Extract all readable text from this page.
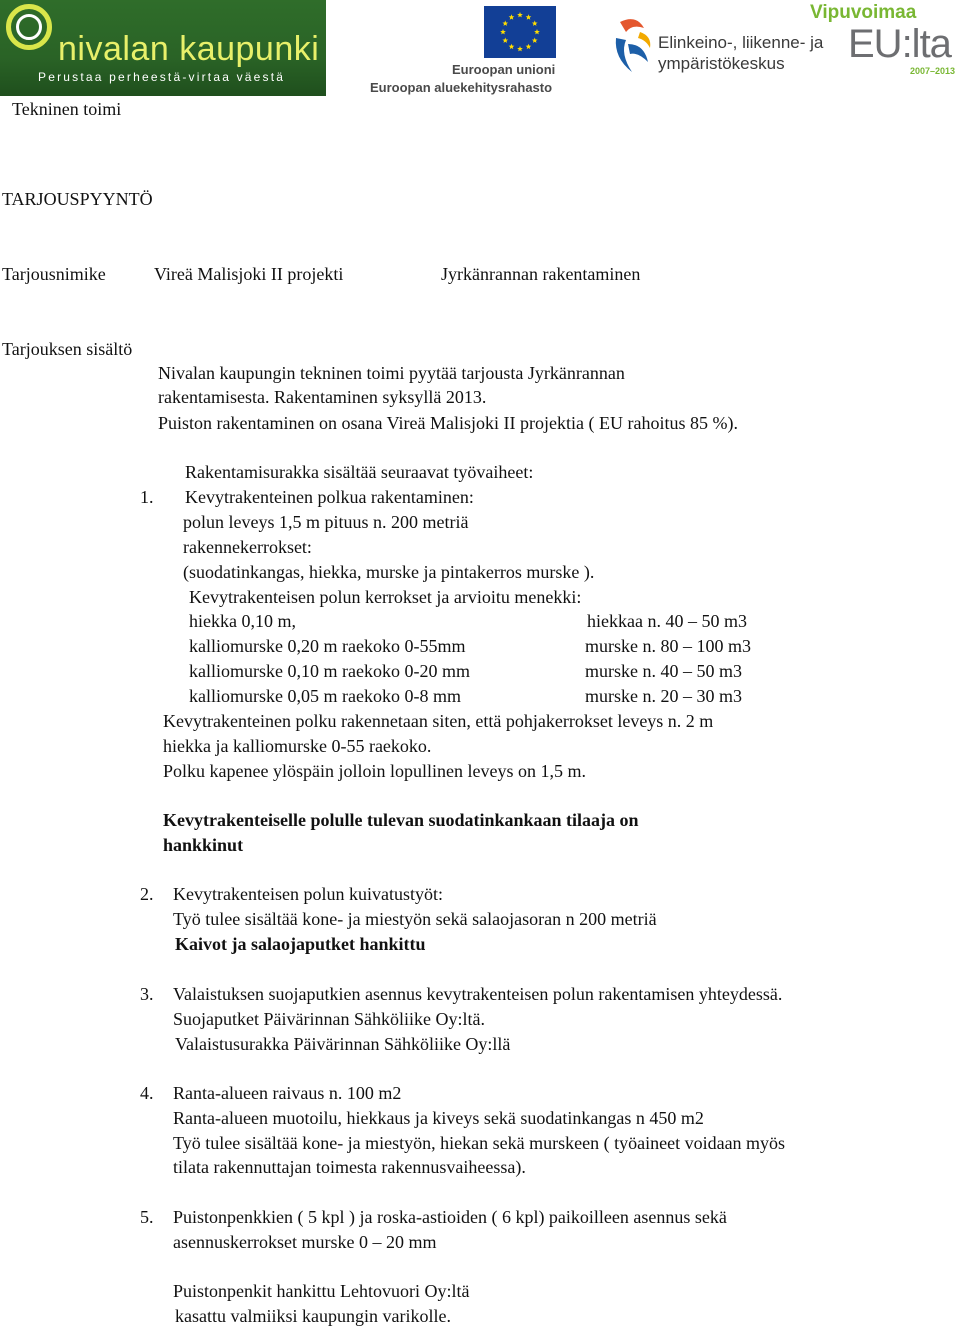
nivalan kaupunki
Perustaa perheestä-virtaa väestä	Euroopan unioni
Euroopan aluekehitysrahasto
Elinkeino-, liikenne- ja
ympäristökeskus
Vipuvoimaa
EU:lta
2007–2013
Tekninen toimi
TARJOUSPYYNTÖ
Tarjousnimike	Vireä Malisjoki II projekti	Jyrkänrannan rakentaminen
Tarjouksen sisältö
Nivalan kaupungin tekninen toimi pyytää tarjousta Jyrkänrannan
rakentamisesta. Rakentaminen syksyllä 2013.
Puiston rakentaminen on osana Vireä Malisjoki II projektia ( EU rahoitus 85 %).
Rakentamisurakka sisältää seuraavat työvaiheet:
1. Kevytrakenteinen polkua rakentaminen:
polun leveys 1,5 m pituus n. 200 metriä
rakennekerrokset:
(suodatinkangas, hiekka, murske ja pintakerros murske ).
Kevytrakenteisen polun kerrokset ja arvioitu menekki:
hiekka 0,10 m,	hiekkaa n. 40 – 50 m3
kalliomurske 0,20 m raekoko 0-55mm	murske n. 80 – 100 m3
kalliomurske 0,10 m raekoko 0-20 mm	murske n. 40 – 50 m3
kalliomurske 0,05 m raekoko 0-8 mm	murske n. 20 – 30 m3
Kevytrakenteinen polku rakennetaan siten, että pohjakerrokset leveys n. 2 m
hiekka ja kalliomurske 0-55 raekoko.
Polku kapenee ylöspäin jolloin lopullinen leveys on 1,5 m.
Kevytrakenteiselle polulle tulevan suodatinkankaan tilaaja on
hankkinut
2. Kevytrakenteisen polun kuivatustyöt:
Työ tulee sisältää kone- ja miestyön sekä salaojasoran n 200 metriä
Kaivot ja salaojaputket hankittu
3. Valaistuksen suojaputkien asennus kevytrakenteisen polun rakentamisen yhteydessä.
Suojaputket Päivärinnan Sähköliike Oy:ltä.
Valaistusurakka Päivärinnan Sähköliike Oy:llä
4. Ranta-alueen raivaus n. 100 m2
Ranta-alueen muotoilu, hiekkaus ja kiveys sekä suodatinkangas n 450 m2
Työ tulee sisältää kone- ja miestyön, hiekan sekä murskeen ( työaineet voidaan myös
tilata rakennuttajan toimesta rakennusvaiheessa).
5. Puistonpenkkien ( 5 kpl ) ja roska-astioiden ( 6 kpl) paikoilleen asennus sekä
asennuskerrokset murske 0 – 20 mm
Puistonpenkit hankittu Lehtovuori Oy:ltä
kasattu valmiiksi kaupungin varikolle.
